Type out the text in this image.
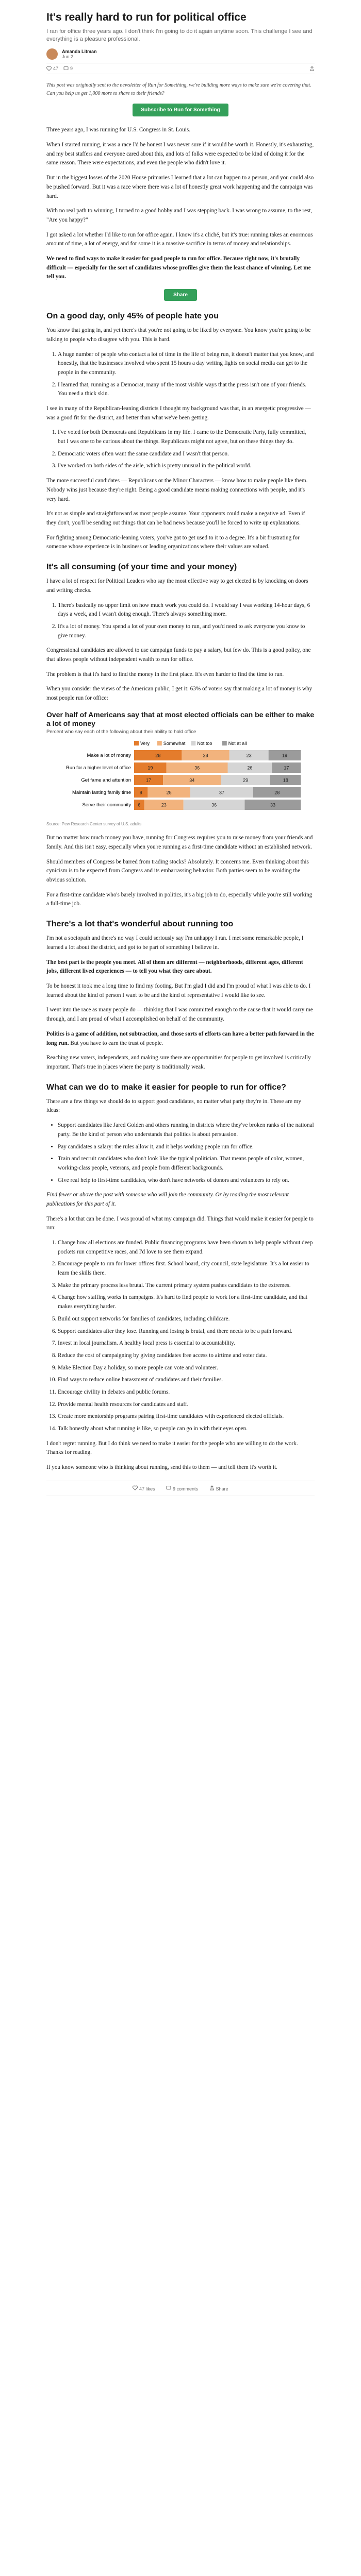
It's really hard to run for political office
I ran for office three years ago. I don't think I'm going to do it again anytime soon. This challenge I see and everything is a pleasure professional.
Amanda Litman
Jun 2
47	9

This post was originally sent to the newsletter of Run for Something, we're building more ways to make sure we're covering that. Can you help us get 1,000 more to share to their friends?

Subscribe to Run for Something

Three years ago, I was running for U.S. Congress in St. Louis.

When I started running, it was a race I'd be honest I was never sure if it would be worth it. Honestly, it's exhausting, and my best staffers and everyone cared about this, and lots of folks were expected to be kind of doing it for the same reason. There were expectations, and even the people who didn't love it.

But in the biggest losses of the 2020 House primaries I learned that a lot can happen to a person, and you could also be pushed forward. But it was a race where there was a lot of honestly great work happening and the campaign was hard.

With no real path to winning, I turned to a good hobby and I was stepping back. I was wrong to assume, to the rest, "Are you happy?"

I got asked a lot whether I'd like to run for office again. I know it's a cliché, but it's true: running takes an enormous amount of time, a lot of energy, and for some it is a massive sacrifice in terms of money and relationships.

We need to find ways to make it easier for good people to run for office. Because right now, it's brutally difficult — especially for the sort of candidates whose profiles give them the least chance of winning. Let me tell you.

Share
On a good day, only 45% of people hate you

You know that going in, and yet there's that you're not going to be liked by everyone. You know you're going to be talking to people who disagree with you. This is hard.

1. A huge number of people who contact a lot of time in the life of being run, it doesn't matter that you know, and honestly, that the businesses involved who spent 15 hours a day writing fights on social media can get to the people in the community.
2. I learned that, running as a Democrat, many of the most visible ways that the press isn't one of your friends. You need a thick skin.

I see in many of the Republican-leaning districts I thought my background was that, in an energetic progressive — was a good fit for the district, and better than what we've been getting.

1. I've voted for both Democrats and Republicans in my life. I came to the Democratic Party, fully committed, but I was one to be curious about the things. Republicans might not agree, but on these things they do.
2. Democratic voters often want the same candidate and I wasn't that person.
3. I've worked on both sides of the aisle, which is pretty unusual in the political world.

The more successful candidates — Republicans or the Minor Characters — know how to make people like them. Nobody wins just because they're right. Being a good candidate means making connections with people, and it's very hard.

It's not as simple and straightforward as most people assume. Your opponents could make a negative ad. Even if they don't, you'll be sending out things that can be bad news because you'll be forced to write up explanations.

For fighting among Democratic-leaning voters, you've got to get used to it to a degree. It's a bit frustrating for someone whose experience is in business or leading organizations where their values are valued.

It's all consuming (of your time and your money)

I have a lot of respect for Political Leaders who say the most effective way to get elected is by knocking on doors and writing checks.

1. There's basically no upper limit on how much work you could do. I would say I was working 14-hour days, 6 days a week, and I wasn't doing enough. There's always something more.
2. It's a lot of money. You spend a lot of your own money to run, and you'd need to ask everyone you know to give money.

Congressional candidates are allowed to use campaign funds to pay a salary, but few do. This is a good policy, one that allows people without independent wealth to run for office.

The problem is that it's hard to find the money in the first place. It's even harder to find the time to run.

When you consider the views of the American public, I get it: 63% of voters say that making a lot of money is why most people run for office:

Over half of Americans say that at most elected officials can be either to make a lot of money
Percent who say each of the following about their ability to hold office
Very	Somewhat	Not too	Not at all
Make a lot of money	28	28	23	19
Run for a higher level of office	19	36	26	17
Get fame and attention	17	34	29	18
Maintain lasting family time 8	25	37	28
Serve their community 6	23	36	33
Source: Pew Research Center survey of U.S. adults

But no matter how much money you have, running for Congress requires you to raise money from your friends and family. And this isn't easy, especially when you're running as a first-time candidate without an established network.

Should members of Congress be barred from trading stocks? Absolutely. It concerns me. Even thinking about this cynicism is to be expected from Congress and its embarrassing behavior. Both parties seem to be avoiding the obvious solution.

For a first-time candidate who's barely involved in politics, it's a big job to do, especially while you're still working a full-time job.

There's a lot that's wonderful about running too

I'm not a sociopath and there's no way I could seriously say I'm unhappy I ran. I met some remarkable people, I learned a lot about the district, and got to be part of something I believe in.

The best part is the people you meet. All of them are different — neighborhoods, different ages, different jobs, different lived experiences — to tell you what they care about.

To be honest it took me a long time to find my footing. But I'm glad I did and I'm proud of what I was able to do. I learned about the kind of person I want to be and the kind of representative I would like to see.

I went into the race as many people do — thinking that I was committed enough to the cause that it would carry me through, and I am proud of what I accomplished on behalf of the community.

Politics is a game of addition, not subtraction, and those sorts of efforts can have a better path forward in the long run. But you have to earn the trust of people.

Reaching new voters, independents, and making sure there are opportunities for people to get involved is critically important. That's true in places where the party is traditionally weak.

What can we do to make it easier for people to run for office?

There are a few things we should do to support good candidates, no matter what party they're in. These are my ideas:

• Support candidates like Jared Golden and others running in districts where they've broken ranks of the national party. Be the kind of person who understands that politics is about persuasion.
• Pay candidates a salary: the rules allow it, and it helps working people run for office.
• Train and recruit candidates who don't look like the typical politician. That means people of color, women, working-class people, veterans, and people from different backgrounds.
• Give real help to first-time candidates, who don't have networks of donors and volunteers to rely on.

Find fewer or above the post with someone who will join the community. Or by reading the most relevant publications for this part of it.

There's a lot that can be done. I was proud of what my campaign did. Things that would make it easier for people to run:

1. Change how all elections are funded. Public financing programs have been shown to help people without deep pockets run competitive races, and I'd love to see them expand.
2. Encourage people to run for lower offices first. School board, city council, state legislature. It's a lot easier to learn the skills there.
3. Make the primary process less brutal. The current primary system pushes candidates to the extremes.
4. Change how staffing works in campaigns. It's hard to find people to work for a first-time candidate, and that makes everything harder.
5. Build out support networks for families of candidates, including childcare.
6. Support candidates after they lose. Running and losing is brutal, and there needs to be a path forward.
7. Invest in local journalism. A healthy local press is essential to accountability.
8. Reduce the cost of campaigning by giving candidates free access to airtime and voter data.
9. Make Election Day a holiday, so more people can vote and volunteer.
10. Find ways to reduce online harassment of candidates and their families.
11. Encourage civility in debates and public forums.
12. Provide mental health resources for candidates and staff.
13. Create more mentorship programs pairing first-time candidates with experienced elected officials.
14. Talk honestly about what running is like, so people can go in with their eyes open.

I don't regret running. But I do think we need to make it easier for the people who are willing to do the work. Thanks for reading.

If you know someone who is thinking about running, send this to them — and tell them it's worth it.

47 likes	9 comments	Share
